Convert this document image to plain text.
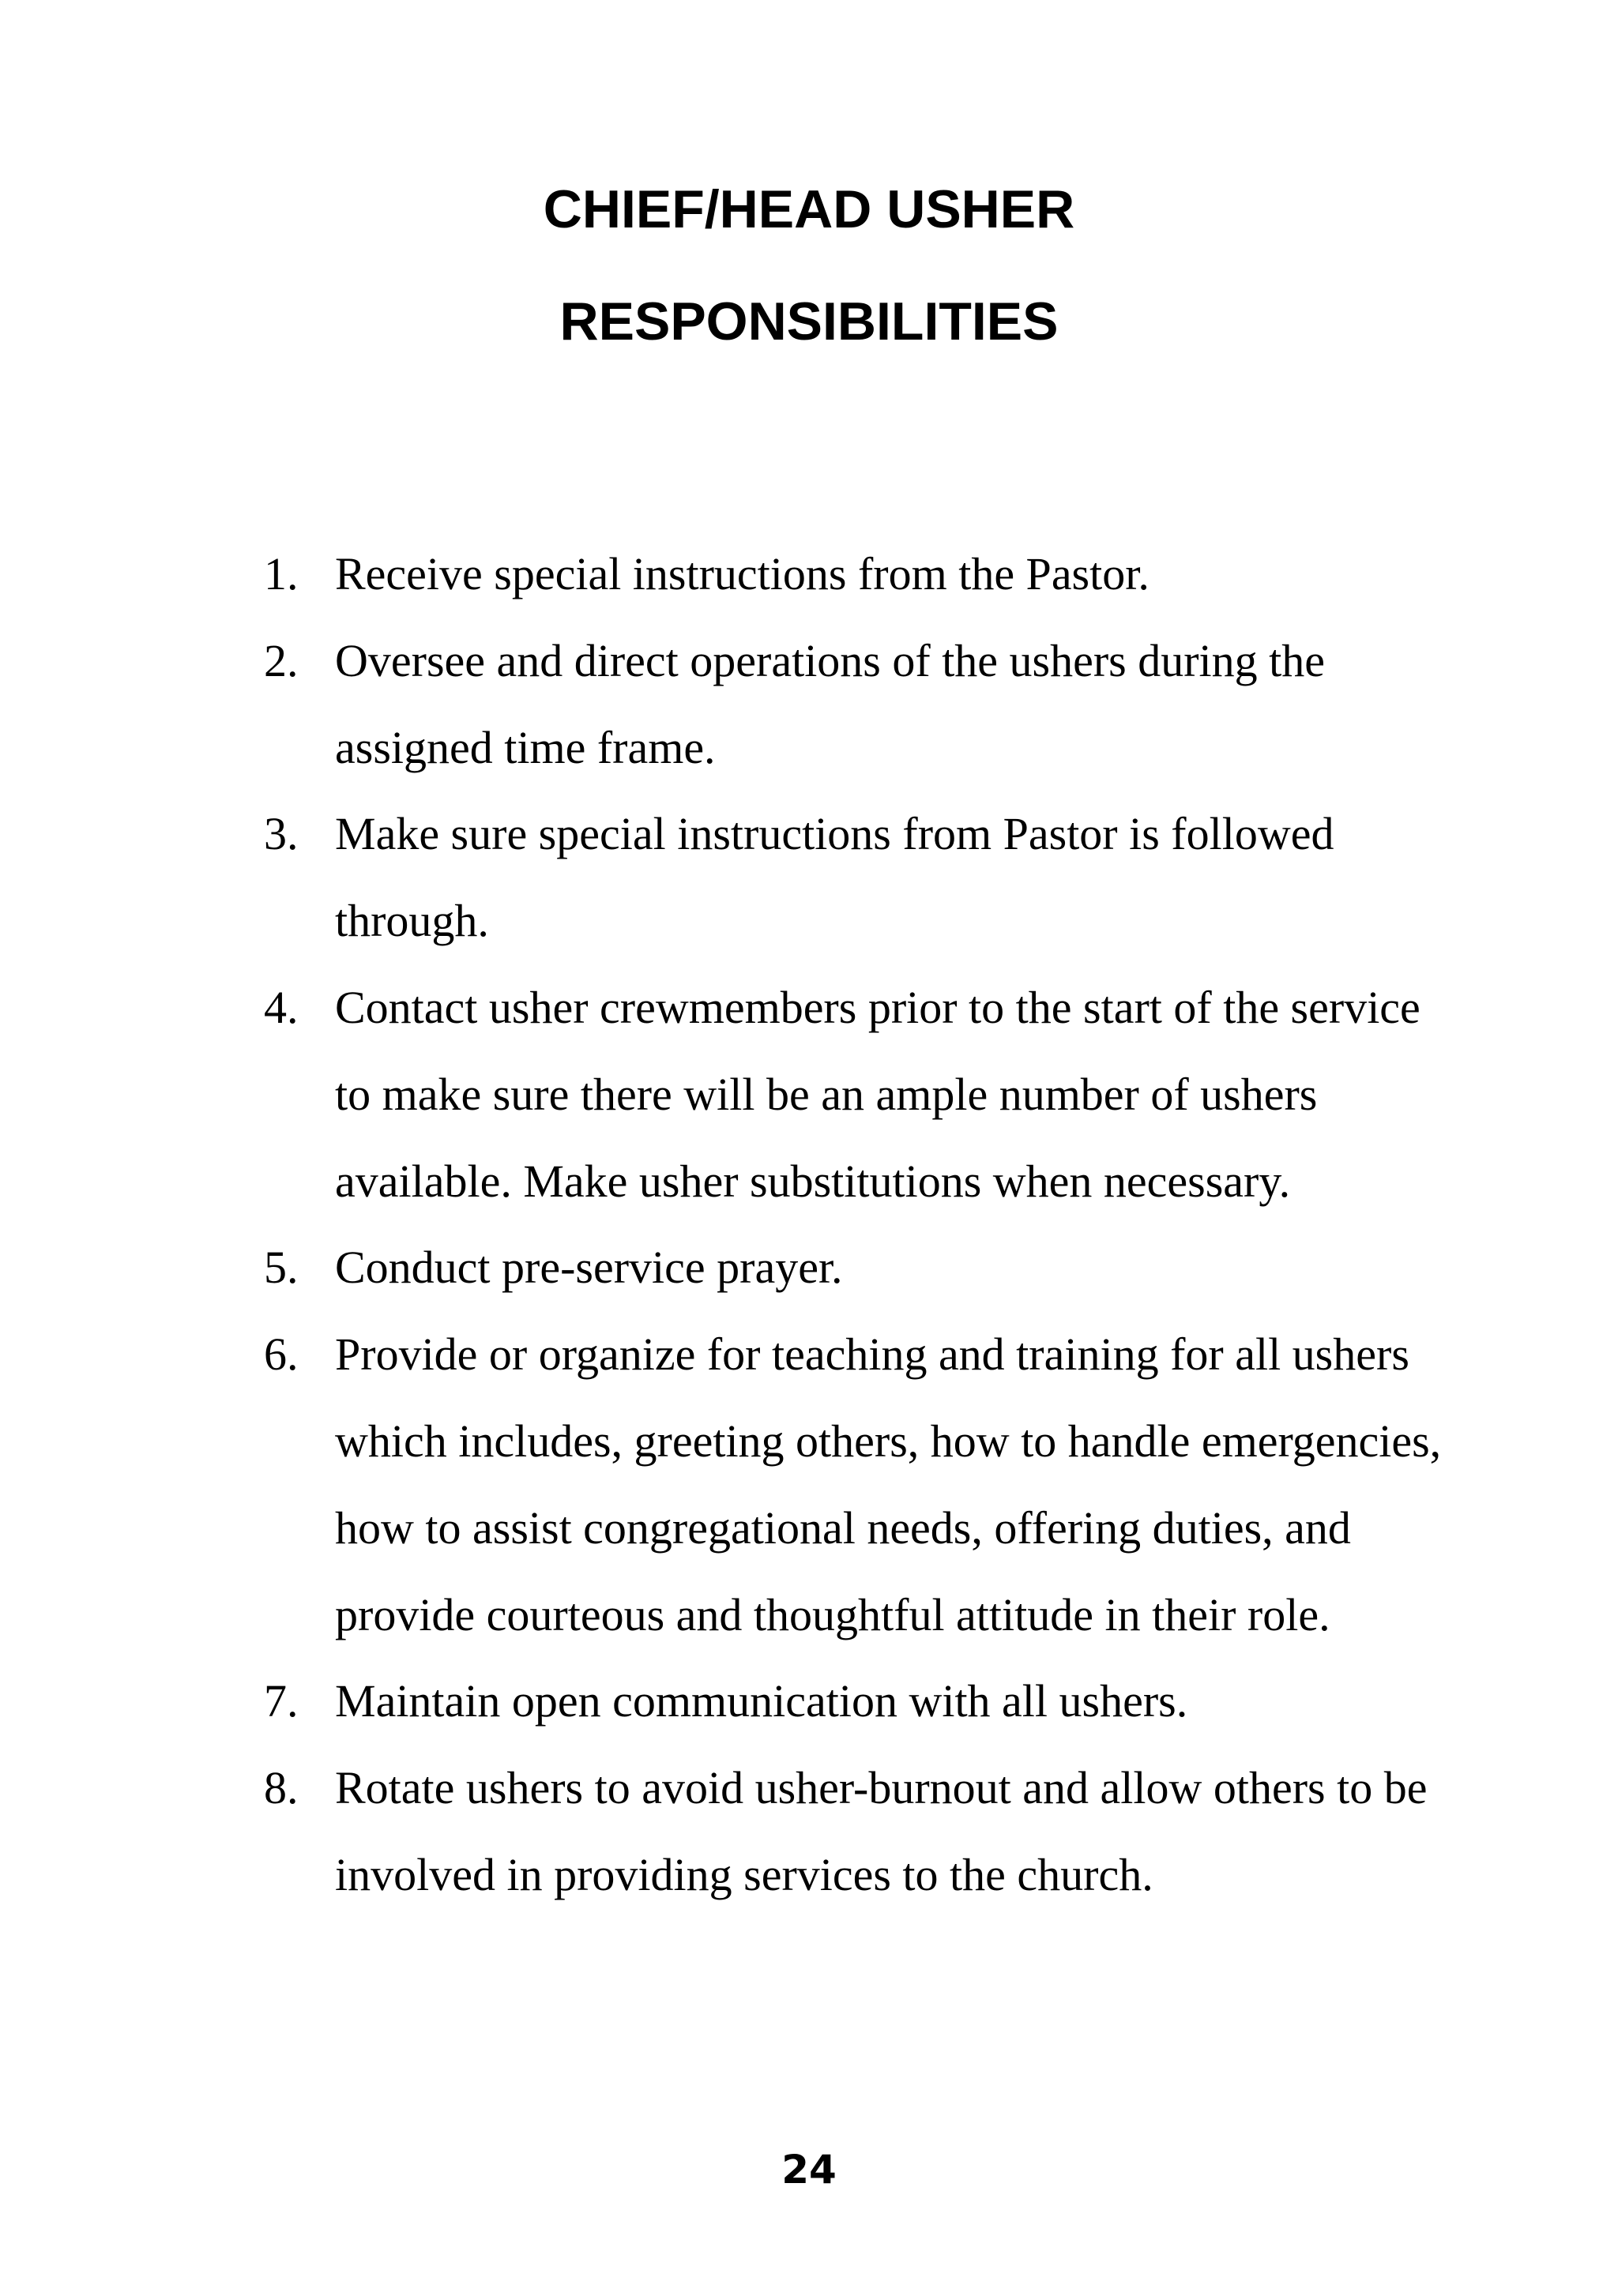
CHIEF/HEAD USHER
RESPONSIBILITIES
1. Receive special instructions from the Pastor.
2. Oversee and direct operations of the ushers during the assigned time frame.
3. Make sure special instructions from Pastor is followed through.
4. Contact usher crewmembers prior to the start of the service to make sure there will be an ample number of ushers available. Make usher substitutions when necessary.
5. Conduct pre-service prayer.
6. Provide or organize for teaching and training for all ushers which includes, greeting others, how to handle emergencies, how to assist congregational needs, offering duties, and provide courteous and thoughtful attitude in their role.
7. Maintain open communication with all ushers.
8. Rotate ushers to avoid usher-burnout and allow others to be involved in providing services to the church.
24
